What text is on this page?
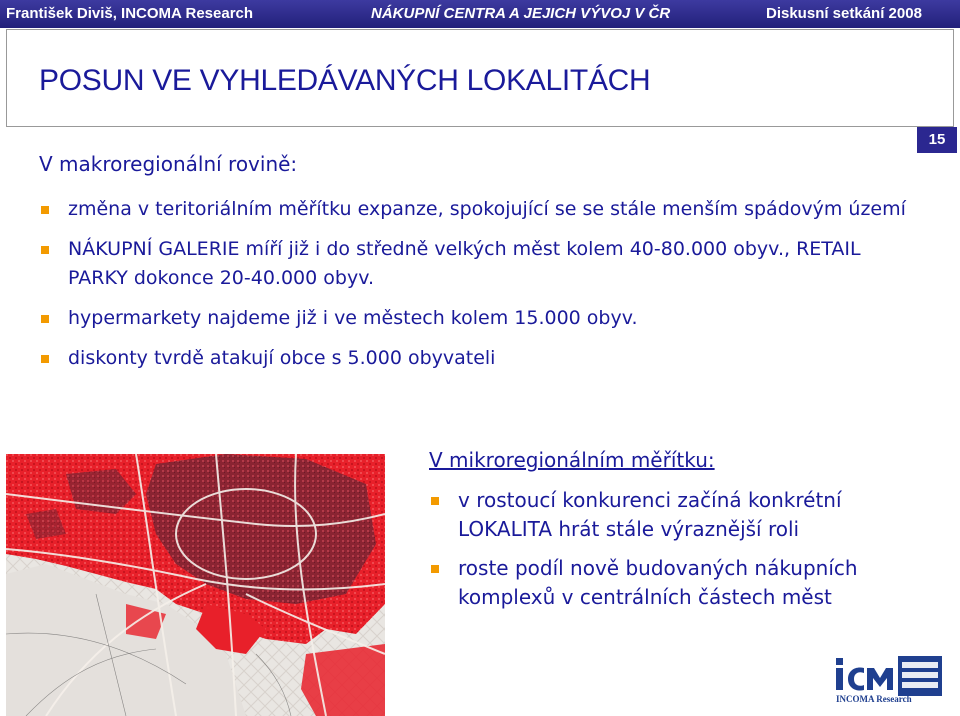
František Diviš, INCOMA Research	NÁKUPNÍ CENTRA A JEJICH VÝVOJ V ČR	Diskusní setkání 2008
POSUN VE VYHLEDÁVANÝCH LOKALITÁCH
15
V makroregionální rovině:
změna v teritoriálním měřítku expanze, spokojující se se stále menším spádovým území
NÁKUPNÍ GALERIE míří již i do středně velkých měst kolem 40-80.000 obyv., RETAIL PARKY dokonce 20-40.000 obyv.
hypermarkety najdeme již i ve městech kolem 15.000 obyv.
diskonty tvrdě atakují obce s 5.000 obyvateli
V mikroregionálním měřítku:
v rostoucí konkurenci začíná konkrétní LOKALITA hrát stále výraznější roli
roste podíl nově budovaných nákupních komplexů v centrálních částech měst
INCOMA Research
